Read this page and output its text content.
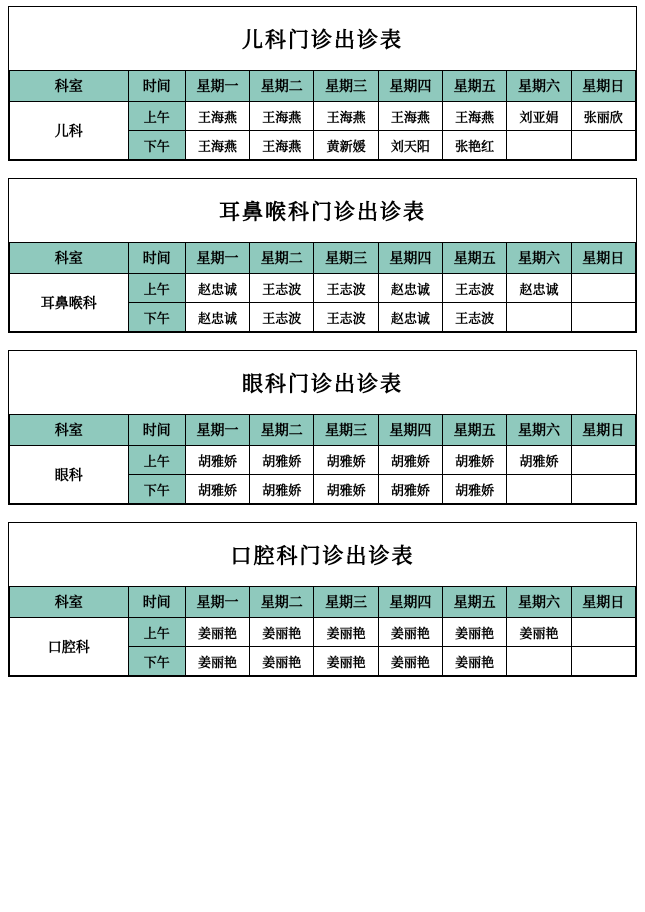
儿科门诊出诊表
科室	时间	星期一	星期二	星期三	星期四	星期五	星期六	星期日
儿科	上午	王海燕	王海燕	王海燕	王海燕	王海燕	刘亚娟	张丽欣
	下午	王海燕	王海燕	黄新媛	刘天阳	张艳红		
耳鼻喉科门诊出诊表
科室	时间	星期一	星期二	星期三	星期四	星期五	星期六	星期日
耳鼻喉科	上午	赵忠诚	王志波	王志波	赵忠诚	王志波	赵忠诚	
	下午	赵忠诚	王志波	王志波	赵忠诚	王志波		
眼科门诊出诊表
科室	时间	星期一	星期二	星期三	星期四	星期五	星期六	星期日
眼科	上午	胡雅娇	胡雅娇	胡雅娇	胡雅娇	胡雅娇	胡雅娇	
	下午	胡雅娇	胡雅娇	胡雅娇	胡雅娇	胡雅娇		
口腔科门诊出诊表
科室	时间	星期一	星期二	星期三	星期四	星期五	星期六	星期日
口腔科	上午	姜丽艳	姜丽艳	姜丽艳	姜丽艳	姜丽艳	姜丽艳	
	下午	姜丽艳	姜丽艳	姜丽艳	姜丽艳	姜丽艳		
